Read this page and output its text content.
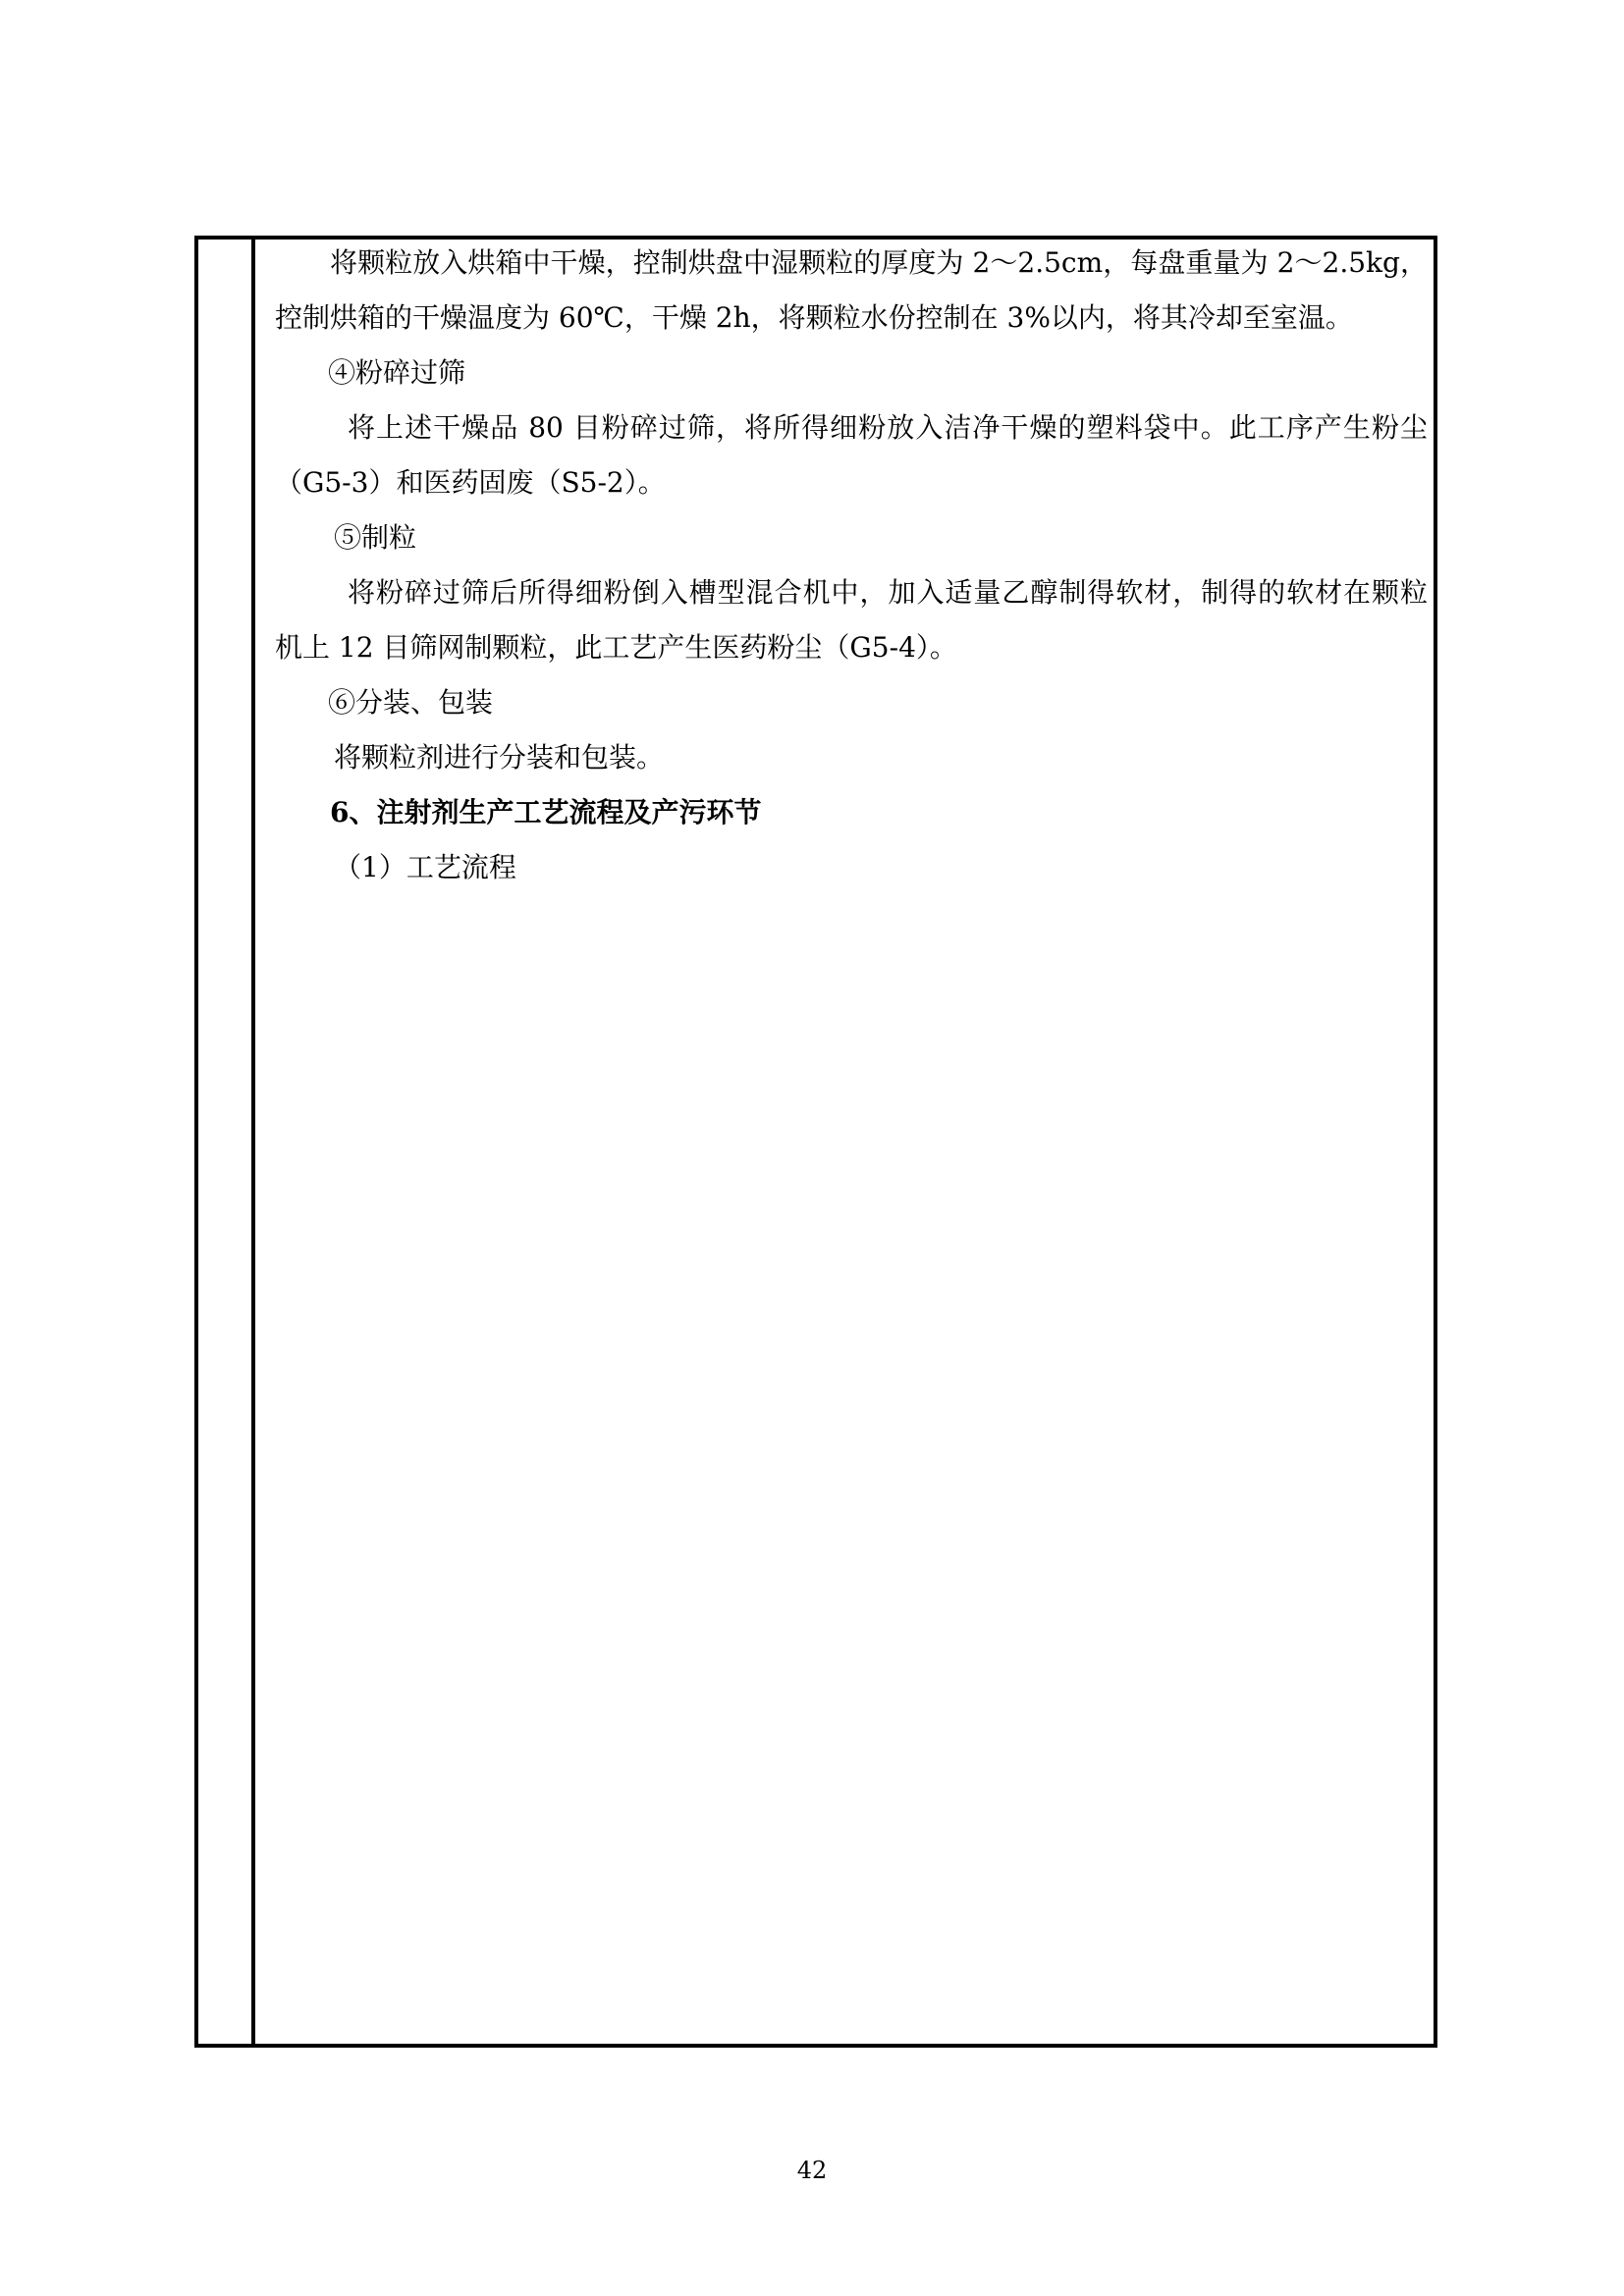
将颗粒放入烘箱中干燥，控制烘盘中湿颗粒的厚度为 2～2.5cm，每盘重量为 2～2.5kg，
控制烘箱的干燥温度为 60℃，干燥 2h，将颗粒水份控制在 3%以内，将其冷却至室温。
④粉碎过筛
将上述干燥品 80 目粉碎过筛，将所得细粉放入洁净干燥的塑料袋中。此工序产生粉尘
（G5-3）和医药固废（S5-2）。
⑤制粒
将粉碎过筛后所得细粉倒入槽型混合机中，加入适量乙醇制得软材，制得的软材在颗粒
机上 12 目筛网制颗粒，此工艺产生医药粉尘（G5-4）。
⑥分装、包装
将颗粒剂进行分装和包装。
6、注射剂生产工艺流程及产污环节
（1）工艺流程
42
